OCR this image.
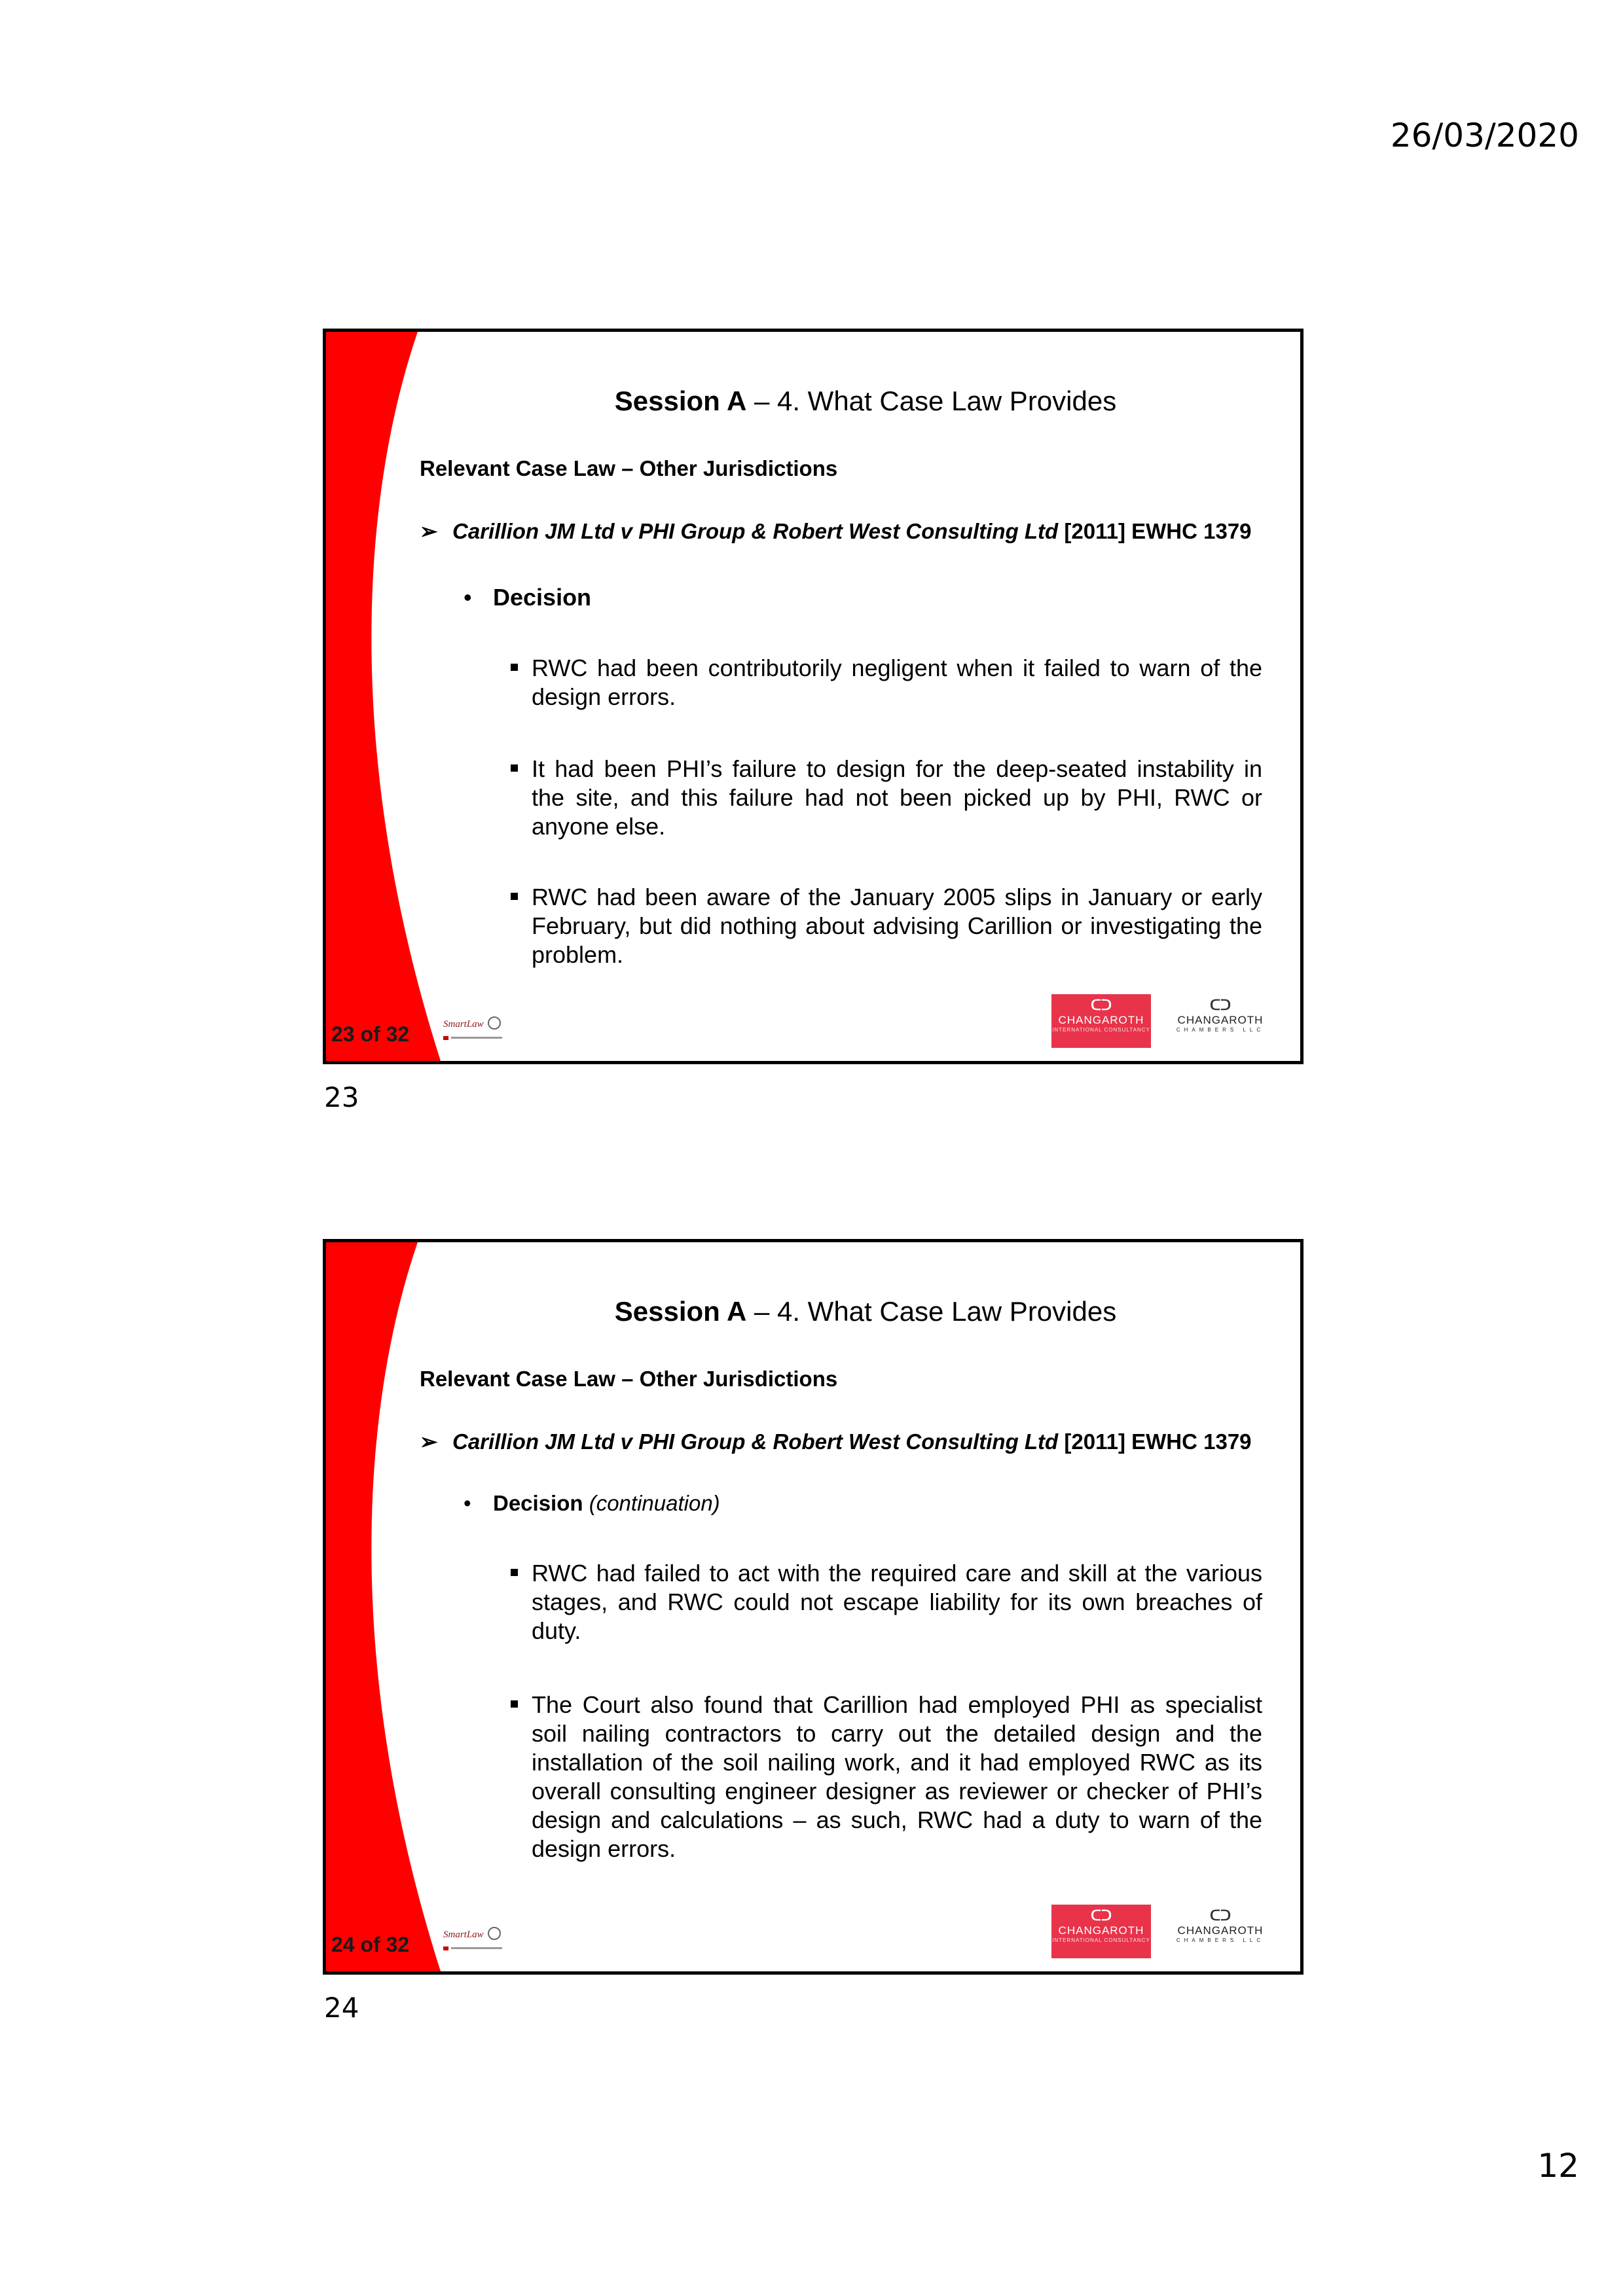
26/03/2020
Session A – 4. What Case Law Provides
Relevant Case Law – Other Jurisdictions
➢ Carillion JM Ltd v PHI Group & Robert West Consulting Ltd [2011] EWHC 1379
• Decision
RWC had been contributorily negligent when it failed to warn of the design errors.
It had been PHI’s failure to design for the deep-seated instability in the site, and this failure had not been picked up by PHI, RWC or anyone else.
RWC had been aware of the January 2005 slips in January or early February, but did nothing about advising Carillion or investigating the problem.
23 of 32	SmartLaw
ᑕᑐ
CHANGAROTH
INTERNATIONAL CONSULTANCY
ᑕᑐ
CHANGAROTH
CHAMBERS LLC
23
Session A – 4. What Case Law Provides
Relevant Case Law – Other Jurisdictions
➢ Carillion JM Ltd v PHI Group & Robert West Consulting Ltd [2011] EWHC 1379
• Decision (continuation)
RWC had failed to act with the required care and skill at the various stages, and RWC could not escape liability for its own breaches of duty.
The Court also found that Carillion had employed PHI as specialist soil nailing contractors to carry out the detailed design and the installation of the soil nailing work, and it had employed RWC as its overall consulting engineer designer as reviewer or checker of PHI’s design and calculations – as such, RWC had a duty to warn of the design errors.
24 of 32	SmartLaw
ᑕᑐ
CHANGAROTH
INTERNATIONAL CONSULTANCY
ᑕᑐ
CHANGAROTH
CHAMBERS LLC
24
12
